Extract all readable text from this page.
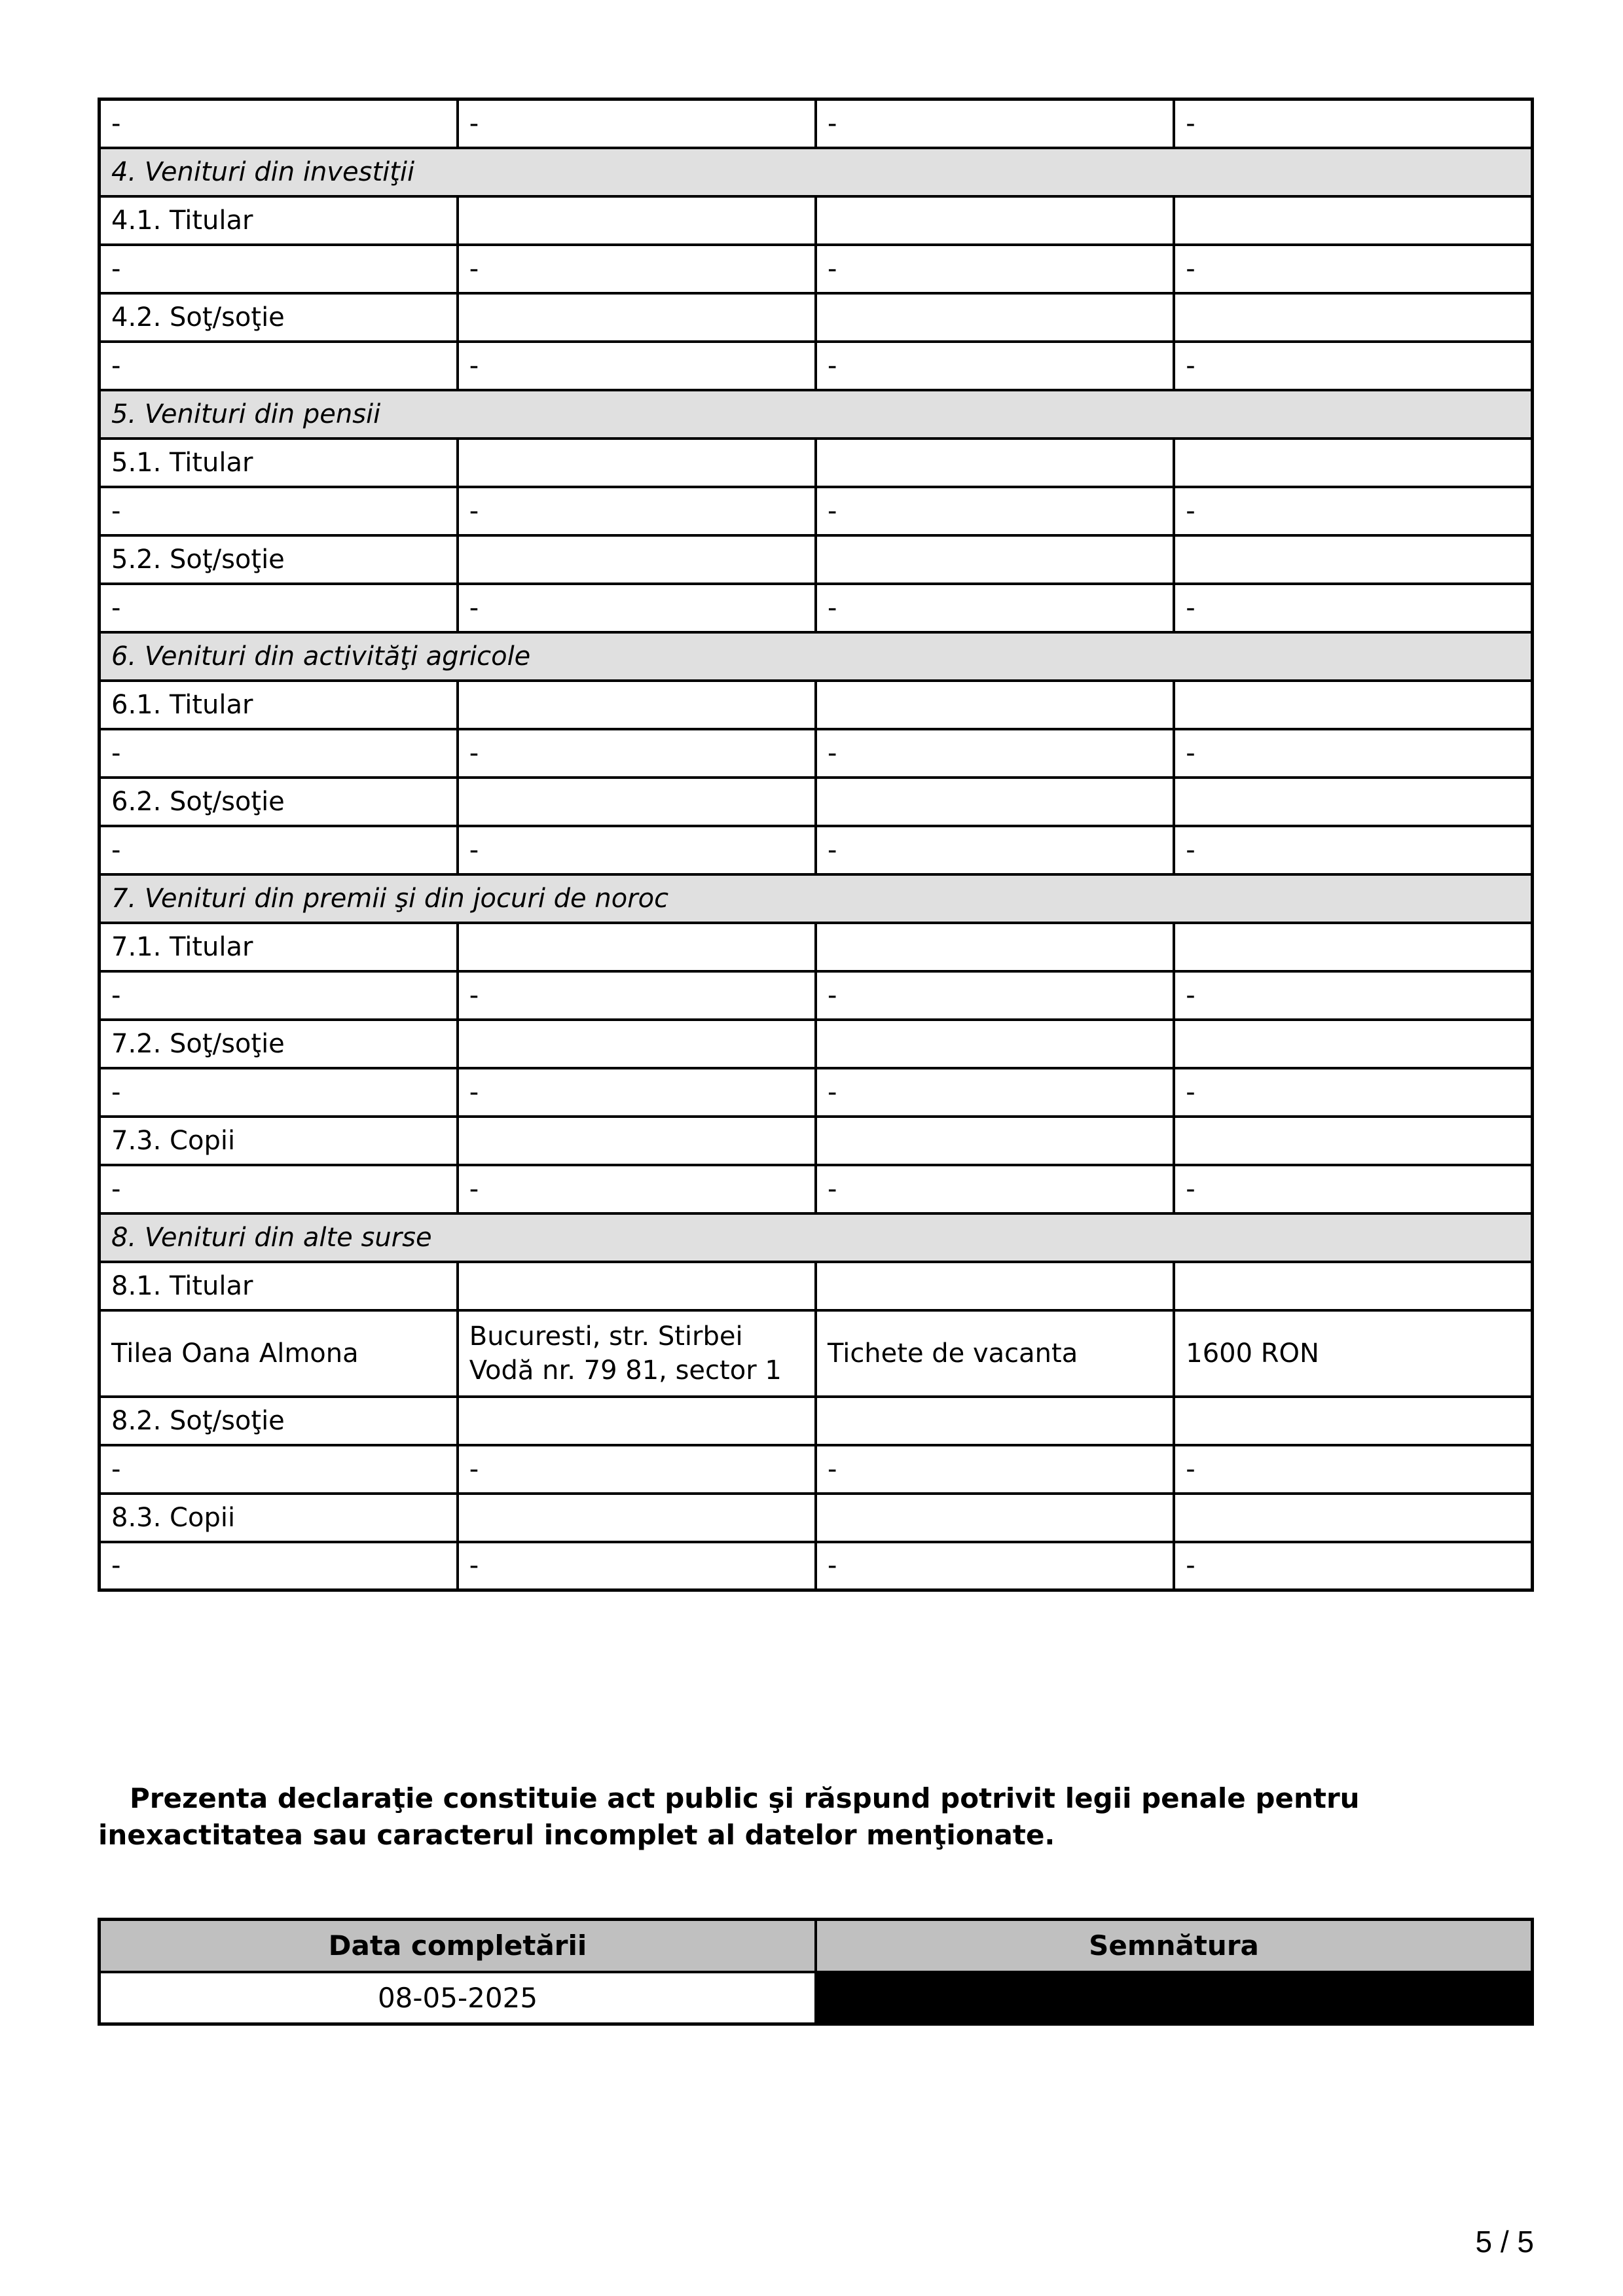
-	-	-	-
4. Venituri din investiţii			
4.1. Titular			
-	-	-	-
4.2. Soţ/soţie			
-	-	-	-
5. Venituri din pensii			
5.1. Titular			
-	-	-	-
5.2. Soţ/soţie			
-	-	-	-
6. Venituri din activităţi agricole			
6.1. Titular			
-	-	-	-
6.2. Soţ/soţie			
-	-	-	-
7. Venituri din premii şi din jocuri de noroc			
7.1. Titular			
-	-	-	-
7.2. Soţ/soţie			
-	-	-	-
7.3. Copii			
-	-	-	-
8. Venituri din alte surse			
8.1. Titular			
Tilea Oana Almona	Bucuresti, str. Stirbei Vodă nr. 79 81, sector 1	Tichete de vacanta	1600 RON
8.2. Soţ/soţie			
-	-	-	-
8.3. Copii			
-	-	-	-
Prezenta declaraţie constituie act public şi răspund potrivit legii penale pentru inexactitatea sau caracterul incomplet al datelor menţionate.
Data completării	Semnătura
08-05-2025	
5 / 5
